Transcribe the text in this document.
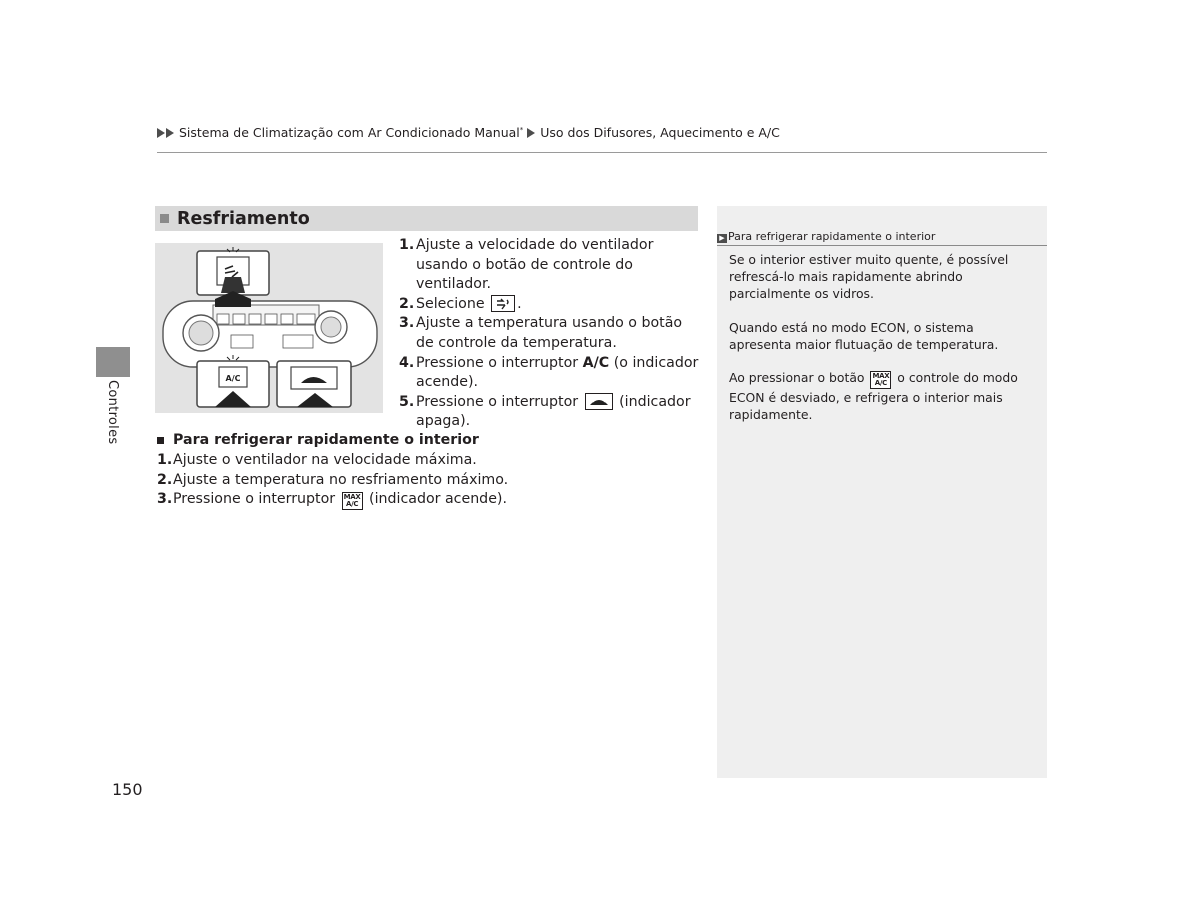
Sistema de Climatização com Ar Condicionado Manual* Uso dos Difusores, Aquecimento e A/C
Controles
Resfriamento
A/C
1. Ajuste a velocidade do ventilador usando o botão de controle do ventilador.
2. Selecione .
3. Ajuste a temperatura usando o botão de controle da temperatura.
4. Pressione o interruptor A/C (o indicador acende).
5. Pressione o interruptor	(indicador apaga).
Para refrigerar rapidamente o interior
1. Ajuste o ventilador na velocidade máxima.
2. Ajuste a temperatura no resfriamento máximo.
3. Pressione o interruptor MAX
A/C (indicador acende).
▶ Para refrigerar rapidamente o interior

Se o interior estiver muito quente, é possível refrescá-lo mais rapidamente abrindo parcialmente os vidros.

Quando está no modo ECON, o sistema apresenta maior flutuação de temperatura.

Ao pressionar o botão MAX
A/C o controle do modo ECON é desviado, e refrigera o interior mais rapidamente.

150
